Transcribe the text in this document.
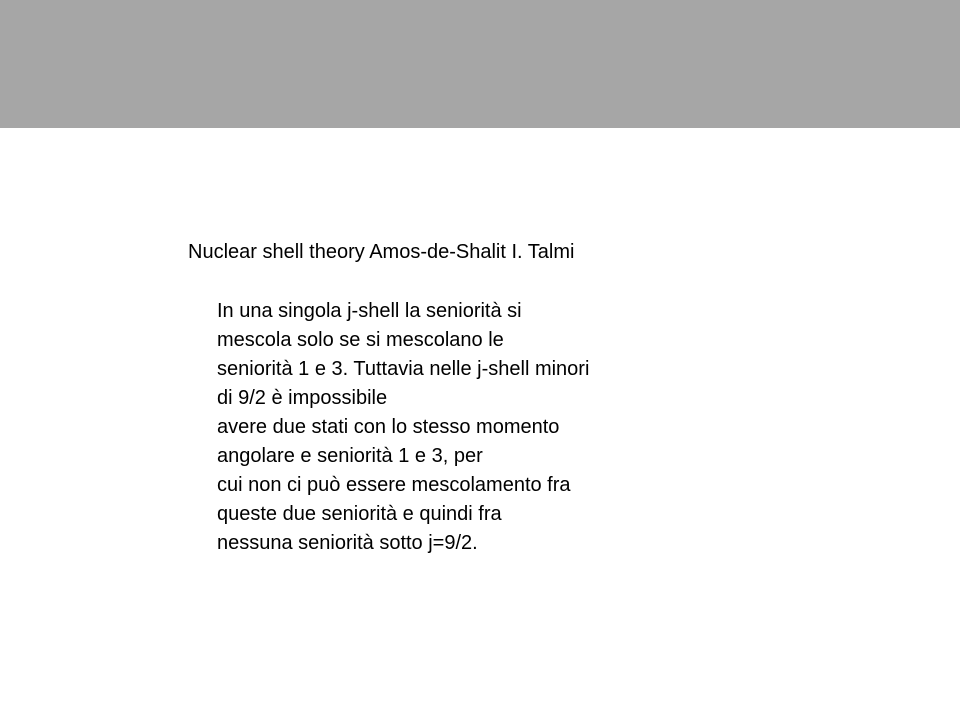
Nuclear shell theory Amos-de-Shalit I. Talmi
In una singola j-shell la seniorità si
mescola solo se si mescolano le
seniorità 1 e 3. Tuttavia nelle j-shell minori
di 9/2 è impossibile
avere due stati con lo stesso momento
angolare e seniorità 1 e 3, per
cui non ci può essere mescolamento fra
queste due seniorità e quindi fra
nessuna seniorità sotto j=9/2.
